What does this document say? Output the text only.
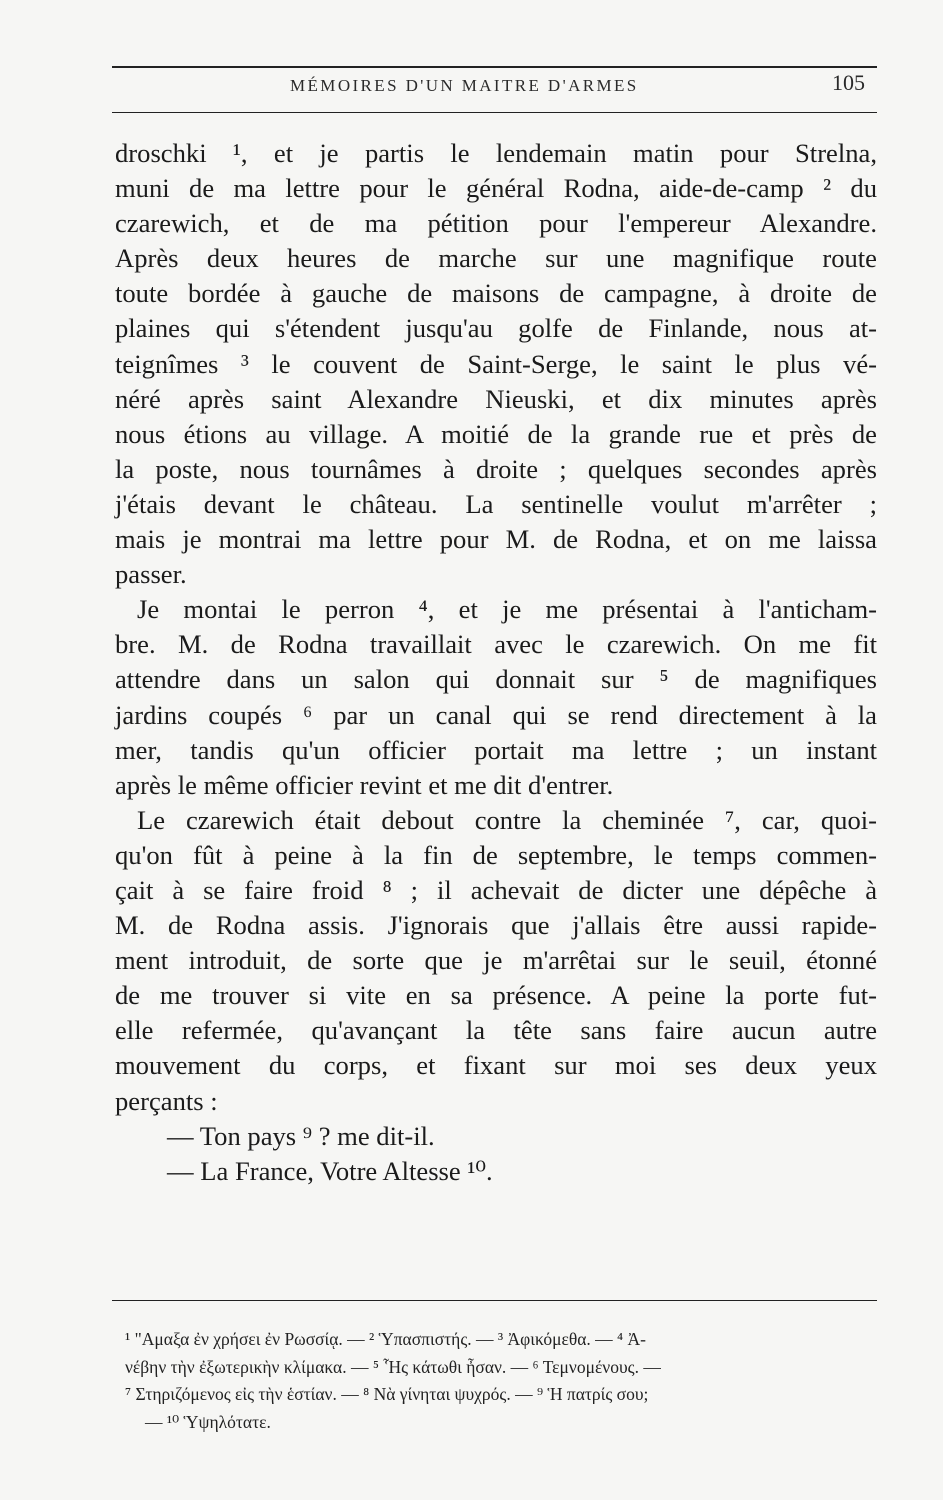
MÉMOIRES D'UN MAITRE D'ARMES	105
droschki ¹, et je partis le lendemain matin pour Strelna,
muni de ma lettre pour le général Rodna, aide-de-camp ² du
czarewich, et de ma pétition pour l'empereur Alexandre.
Après deux heures de marche sur une magnifique route
toute bordée à gauche de maisons de campagne, à droite de
plaines qui s'étendent jusqu'au golfe de Finlande, nous at-
teignîmes ³ le couvent de Saint-Serge, le saint le plus vé-
néré après saint Alexandre Nieuski, et dix minutes après
nous étions au village. A moitié de la grande rue et près de
la poste, nous tournâmes à droite ; quelques secondes après
j'étais devant le château. La sentinelle voulut m'arrêter ;
mais je montrai ma lettre pour M. de Rodna, et on me laissa
passer.
Je montai le perron ⁴, et je me présentai à l'anticham-
bre. M. de Rodna travaillait avec le czarewich. On me fit
attendre dans un salon qui donnait sur ⁵ de magnifiques
jardins coupés ⁶ par un canal qui se rend directement à la
mer, tandis qu'un officier portait ma lettre ; un instant
après le même officier revint et me dit d'entrer.
Le czarewich était debout contre la cheminée ⁷, car, quoi-
qu'on fût à peine à la fin de septembre, le temps commen-
çait à se faire froid ⁸ ; il achevait de dicter une dépêche à
M. de Rodna assis. J'ignorais que j'allais être aussi rapide-
ment introduit, de sorte que je m'arrêtai sur le seuil, étonné
de me trouver si vite en sa présence. A peine la porte fut-
elle refermée, qu'avançant la tête sans faire aucun autre
mouvement du corps, et fixant sur moi ses deux yeux
perçants :
— Ton pays ⁹ ? me dit-il.
— La France, Votre Altesse ¹⁰.
¹ "Αμαξα ἐν χρήσει ἐν Ρωσσίᾳ. — ² Ὑπασπιστής. — ³ Ἀφικόμεθα. — ⁴ Ἀ-
νέβην τὴν ἐξωτερικὴν κλίμακα. — ⁵ Ἧς κάτωθι ἦσαν. — ⁶ Τεμνομένους. —
⁷ Στηριζόμενος εἰς τὴν ἑστίαν. — ⁸ Νὰ γίνηται ψυχρός. — ⁹ Ἡ πατρίς σου;
— ¹⁰ Ὑψηλότατε.
